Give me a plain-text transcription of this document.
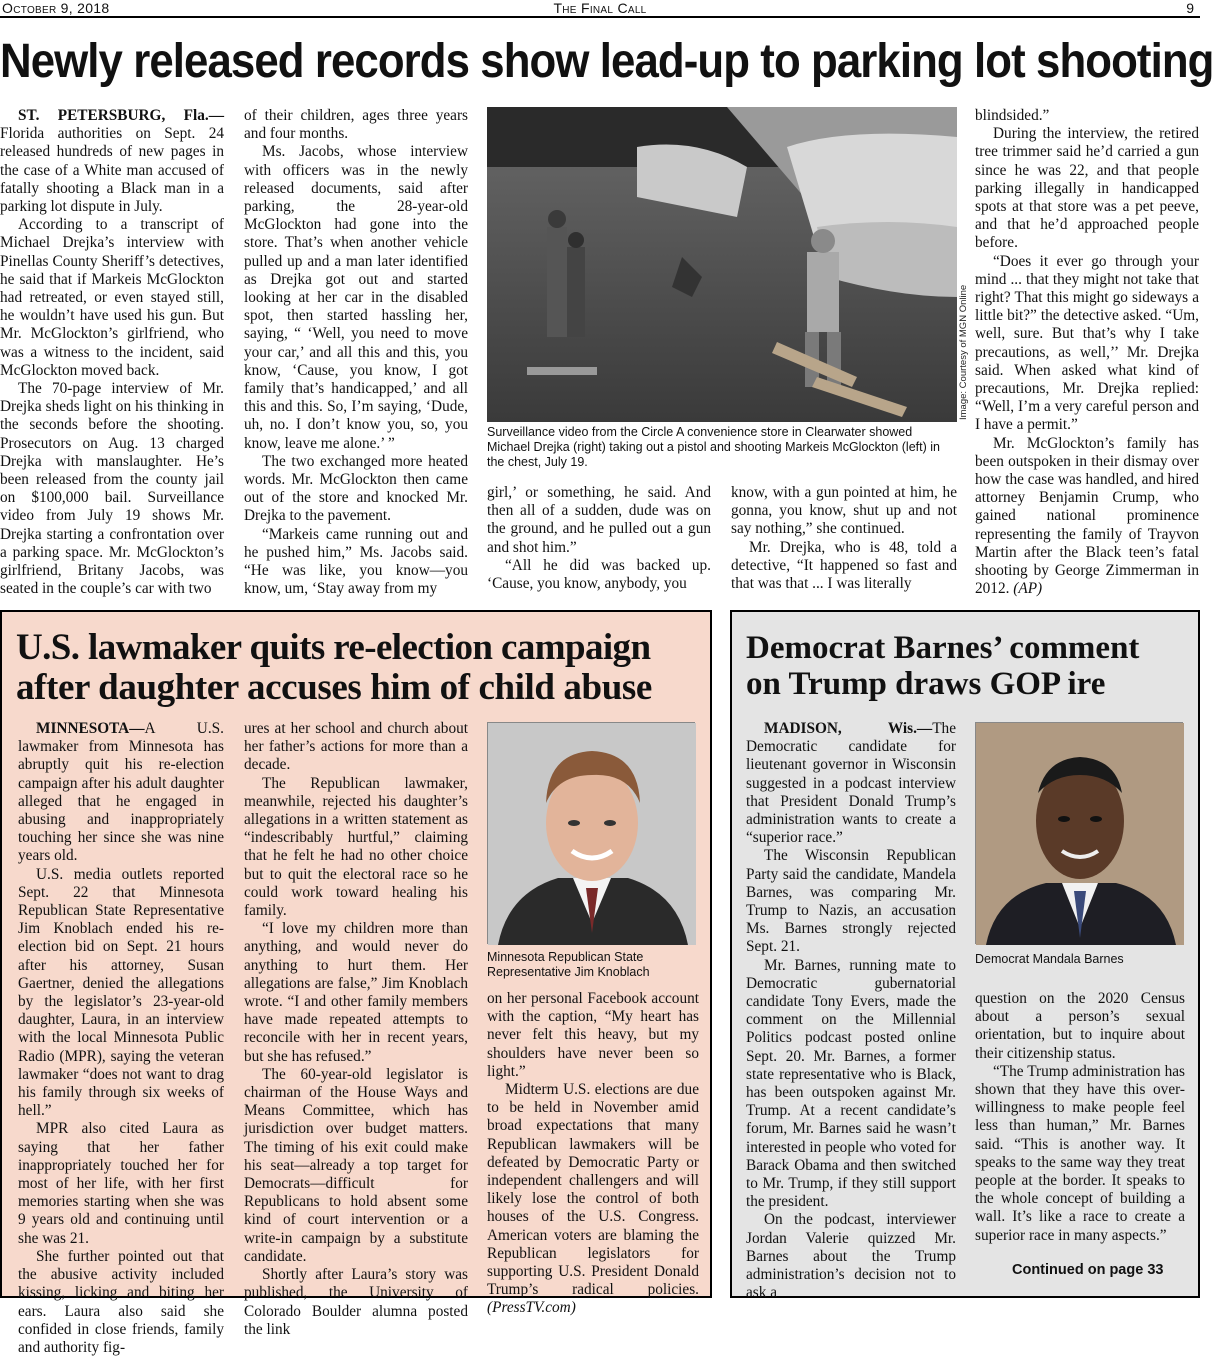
October 9, 2018	The Final Call	9
Newly released records show lead-up to parking lot shooting

ST. PETERSBURG, Fla.— Florida authorities on Sept. 24 released hundreds of new pages in the case of a White man accused of fatally shooting a Black man in a parking lot dispute in July.

According to a transcript of Michael Drejka’s interview with Pinellas County Sheriff’s detectives, he said that if Markeis McGlockton had retreated, or even stayed still, he wouldn’t have used his gun. But Mr. McGlockton’s girlfriend, who was a witness to the incident, said McGlockton moved back.

The 70-page interview of Mr. Drejka sheds light on his thinking in the seconds before the shooting. Prosecutors on Aug. 13 charged Drejka with manslaughter. He’s been released from the county jail on $100,000 bail. Surveillance video from July 19 shows Mr. Drejka starting a confrontation over a parking space. Mr. McGlockton’s girlfriend, Britany Jacobs, was seated in the couple’s car with two

of their children, ages three years and four months.

Ms. Jacobs, whose interview with officers was in the newly released documents, said after parking, the 28-year-old McGlockton had gone into the store. That’s when another vehicle pulled up and a man later identified as Drejka got out and started looking at her car in the disabled spot, then started hassling her, saying, “ ‘Well, you need to move your car,’ and all this and this, you know, ‘Cause, you know, I got family that’s handicapped,’ and all this and this. So, I’m saying, ‘Dude, uh, no. I don’t know you, so, you know, leave me alone.’ ”

The two exchanged more heated words. Mr. McGlockton then came out of the store and knocked Mr. Drejka to the pavement.

“Markeis came running out and he pushed him,” Ms. Jacobs said. “He was like, you know—you know, um, ‘Stay away from my

Image: Courtesy of MGN Online
Surveillance video from the Circle A convenience store in Clearwater showed Michael Drejka (right) taking out a pistol and shooting Markeis McGlockton (left) in the chest, July 19.

girl,’ or something, he said. And then all of a sudden, dude was on the ground, and he pulled out a gun and shot him.”

“All he did was backed up. ‘Cause, you know, anybody, you

know, with a gun pointed at him, he gonna, you know, shut up and not say nothing,” she continued.

Mr. Drejka, who is 48, told a detective, “It happened so fast and that was that ... I was literally

blindsided.”

During the interview, the retired tree trimmer said he’d carried a gun since he was 22, and that people parking illegally in handicapped spots at that store was a pet peeve, and that he’d approached people before.

“Does it ever go through your mind ... that they might not take that right? That this might go sideways a little bit?” the detective asked. “Um, well, sure. But that’s why I take precautions, as well,’’ Mr. Drejka said. When asked what kind of precautions, Mr. Drejka replied: “Well, I’m a very careful person and I have a permit.”

Mr. McGlockton’s family has been outspoken in their dismay over how the case was handled, and hired attorney Benjamin Crump, who gained national prominence representing the family of Trayvon Martin after the Black teen’s fatal shooting by George Zimmerman in 2012. (AP)

U.S. lawmaker quits re-election campaign
after daughter accuses him of child abuse

MINNESOTA—A U.S. lawmaker from Minnesota has abruptly quit his re-election campaign after his adult daughter alleged that he engaged in abusing and inappropriately touching her since she was nine years old.

U.S. media outlets reported Sept. 22 that Minnesota Republican State Representative Jim Knoblach ended his re-election bid on Sept. 21 hours after his attorney, Susan Gaertner, denied the allegations by the legislator’s 23-year-old daughter, Laura, in an interview with the local Minnesota Public Radio (MPR), saying the veteran lawmaker “does not want to drag his family through six weeks of hell.”

MPR also cited Laura as saying that her father inappropriately touched her for most of her life, with her first memories starting when she was 9 years old and continuing until she was 21.

She further pointed out that the abusive activity included kissing, licking and biting her ears. Laura also said she confided in close friends, family and authority fig-

ures at her school and church about her father’s actions for more than a decade.

The Republican lawmaker, meanwhile, rejected his daughter’s allegations in a written statement as “indescribably hurtful,” claiming that he felt he had no other choice but to quit the electoral race so he could work toward healing his family.

“I love my children more than anything, and would never do anything to hurt them. Her allegations are false,” Jim Knoblach wrote. “I and other family members have made repeated attempts to reconcile with her in recent years, but she has refused.”

The 60-year-old legislator is chairman of the House Ways and Means Committee, which has jurisdiction over budget matters. The timing of his exit could make his seat—already a top target for Democrats—difficult for Republicans to hold absent some kind of court intervention or a write-in campaign by a substitute candidate.

Shortly after Laura’s story was published, the University of Colorado Boulder alumna posted the link

Minnesota Republican State Representative Jim Knoblach

on her personal Facebook account with the caption, “My heart has never felt this heavy, but my shoulders have never been so light.”

Midterm U.S. elections are due to be held in November amid broad expectations that many Republican lawmakers will be defeated by Democratic Party or independent challengers and will likely lose the control of both houses of the U.S. Congress. American voters are blaming the Republican legislators for supporting U.S. President Donald Trump’s radical policies. (PressTV.com)

Democrat Barnes’ comment
on Trump draws GOP ire

MADISON, Wis.—The Democratic candidate for lieutenant governor in Wisconsin suggested in a podcast interview that President Donald Trump’s administration wants to create a “superior race.”

The Wisconsin Republican Party said the candidate, Mandela Barnes, was comparing Mr. Trump to Nazis, an accusation Ms. Barnes strongly rejected Sept. 21.

Mr. Barnes, running mate to Democratic gubernatorial candidate Tony Evers, made the comment on the Millennial Politics podcast posted online Sept. 20. Mr. Barnes, a former state representative who is Black, has been outspoken against Mr. Trump. At a recent candidate’s forum, Mr. Barnes said he wasn’t interested in people who voted for Barack Obama and then switched to Mr. Trump, if they still support the president.

On the podcast, interviewer Jordan Valerie quizzed Mr. Barnes about the Trump administration’s decision not to ask a

Democrat Mandala Barnes

question on the 2020 Census about a person’s sexual orientation, but to inquire about their citizenship status.

“The Trump administration has shown that they have this over-willingness to make people feel less than human,” Mr. Barnes said. “This is another way. It speaks to the same way they treat people at the border. It speaks to the whole concept of building a wall. It’s like a race to create a superior race in many aspects.”

Continued on page 33
